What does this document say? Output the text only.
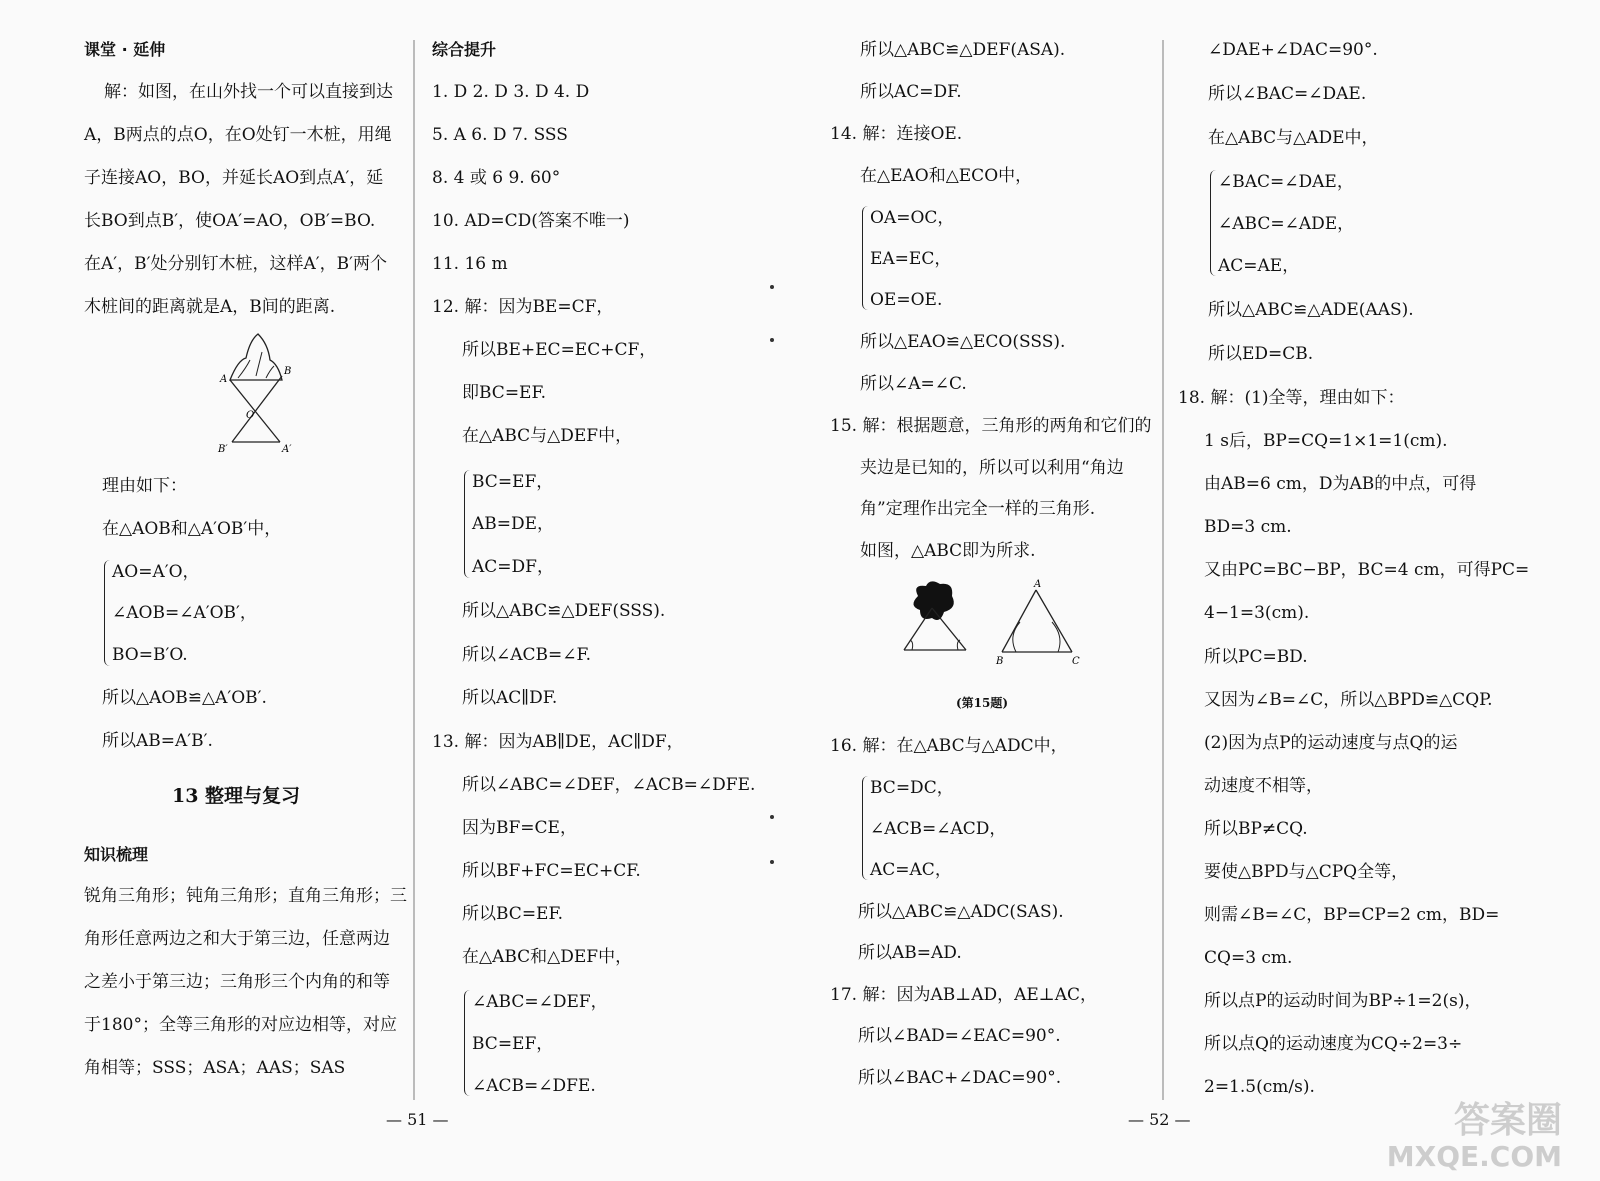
课堂 · 延伸
解：如图，在山外找一个可以直接到达
A，B两点的点O，在O处钉一木桩，用绳
子连接AO，BO，并延长AO到点A′，延
长BO到点B′，使OA′=AO，OB′=BO.
在A′，B′处分别钉木桩，这样A′，B′两个
木桩间的距离就是A，B间的距离.
A
B
O
B′	A′
理由如下：
在△AOB和△A′OB′中，
AO=A′O，
∠AOB=∠A′OB′，
BO=B′O.
所以△AOB≌△A′OB′.
所以AB=A′B′.
13 整理与复习
知识梳理
锐角三角形；钝角三角形；直角三角形；三
角形任意两边之和大于第三边，任意两边
之差小于第三边；三角形三个内角的和等
于180°；全等三角形的对应边相等，对应
角相等；SSS；ASA；AAS；SAS
— 51 —
综合提升
1. D 2. D 3. D 4. D
5. A 6. D 7. SSS
8. 4 或 6 9. 60°
10. AD=CD(答案不唯一)
11. 16 m
12. 解：因为BE=CF，
所以BE+EC=EC+CF，
即BC=EF.
在△ABC与△DEF中，
BC=EF，
AB=DE，
AC=DF，
所以△ABC≌△DEF(SSS).
所以∠ACB=∠F.
所以AC∥DF.
13. 解：因为AB∥DE，AC∥DF，
所以∠ABC=∠DEF，∠ACB=∠DFE.
因为BF=CE，
所以BF+FC=EC+CF.
所以BC=EF.
在△ABC和△DEF中，
∠ABC=∠DEF，
BC=EF，
∠ACB=∠DFE.
所以△ABC≌△DEF(ASA).
所以AC=DF.
14. 解：连接OE.
在△EAO和△ECO中，
OA=OC，
EA=EC，
OE=OE.
所以△EAO≌△ECO(SSS).
所以∠A=∠C.
15. 解：根据题意，三角形的两角和它们的
夹边是已知的，所以可以利用“角边
角”定理作出完全一样的三角形.
如图，△ABC即为所求.
A
B	C
(第15题)
16. 解：在△ABC与△ADC中，
BC=DC，
∠ACB=∠ACD，
AC=AC，
所以△ABC≌△ADC(SAS).
所以AB=AD.
17. 解：因为AB⊥AD，AE⊥AC，
所以∠BAD=∠EAC=90°.
所以∠BAC+∠DAC=90°.
— 52 —
∠DAE+∠DAC=90°.
所以∠BAC=∠DAE.
在△ABC与△ADE中，
∠BAC=∠DAE，
∠ABC=∠ADE，
AC=AE，
所以△ABC≌△ADE(AAS).
所以ED=CB.
18. 解：(1)全等，理由如下：
1 s后，BP=CQ=1×1=1(cm).
由AB=6 cm，D为AB的中点，可得
BD=3 cm.
又由PC=BC−BP，BC=4 cm，可得PC=
4−1=3(cm).
所以PC=BD.
又因为∠B=∠C，所以△BPD≌△CQP.
(2)因为点P的运动速度与点Q的运
动速度不相等，
所以BP≠CQ.
要使△BPD与△CPQ全等，
则需∠B=∠C，BP=CP=2 cm，BD=
CQ=3 cm.
所以点P的运动时间为BP÷1=2(s)，
所以点Q的运动速度为CQ÷2=3÷
2=1.5(cm/s).
答案圈
MXQE.COM
